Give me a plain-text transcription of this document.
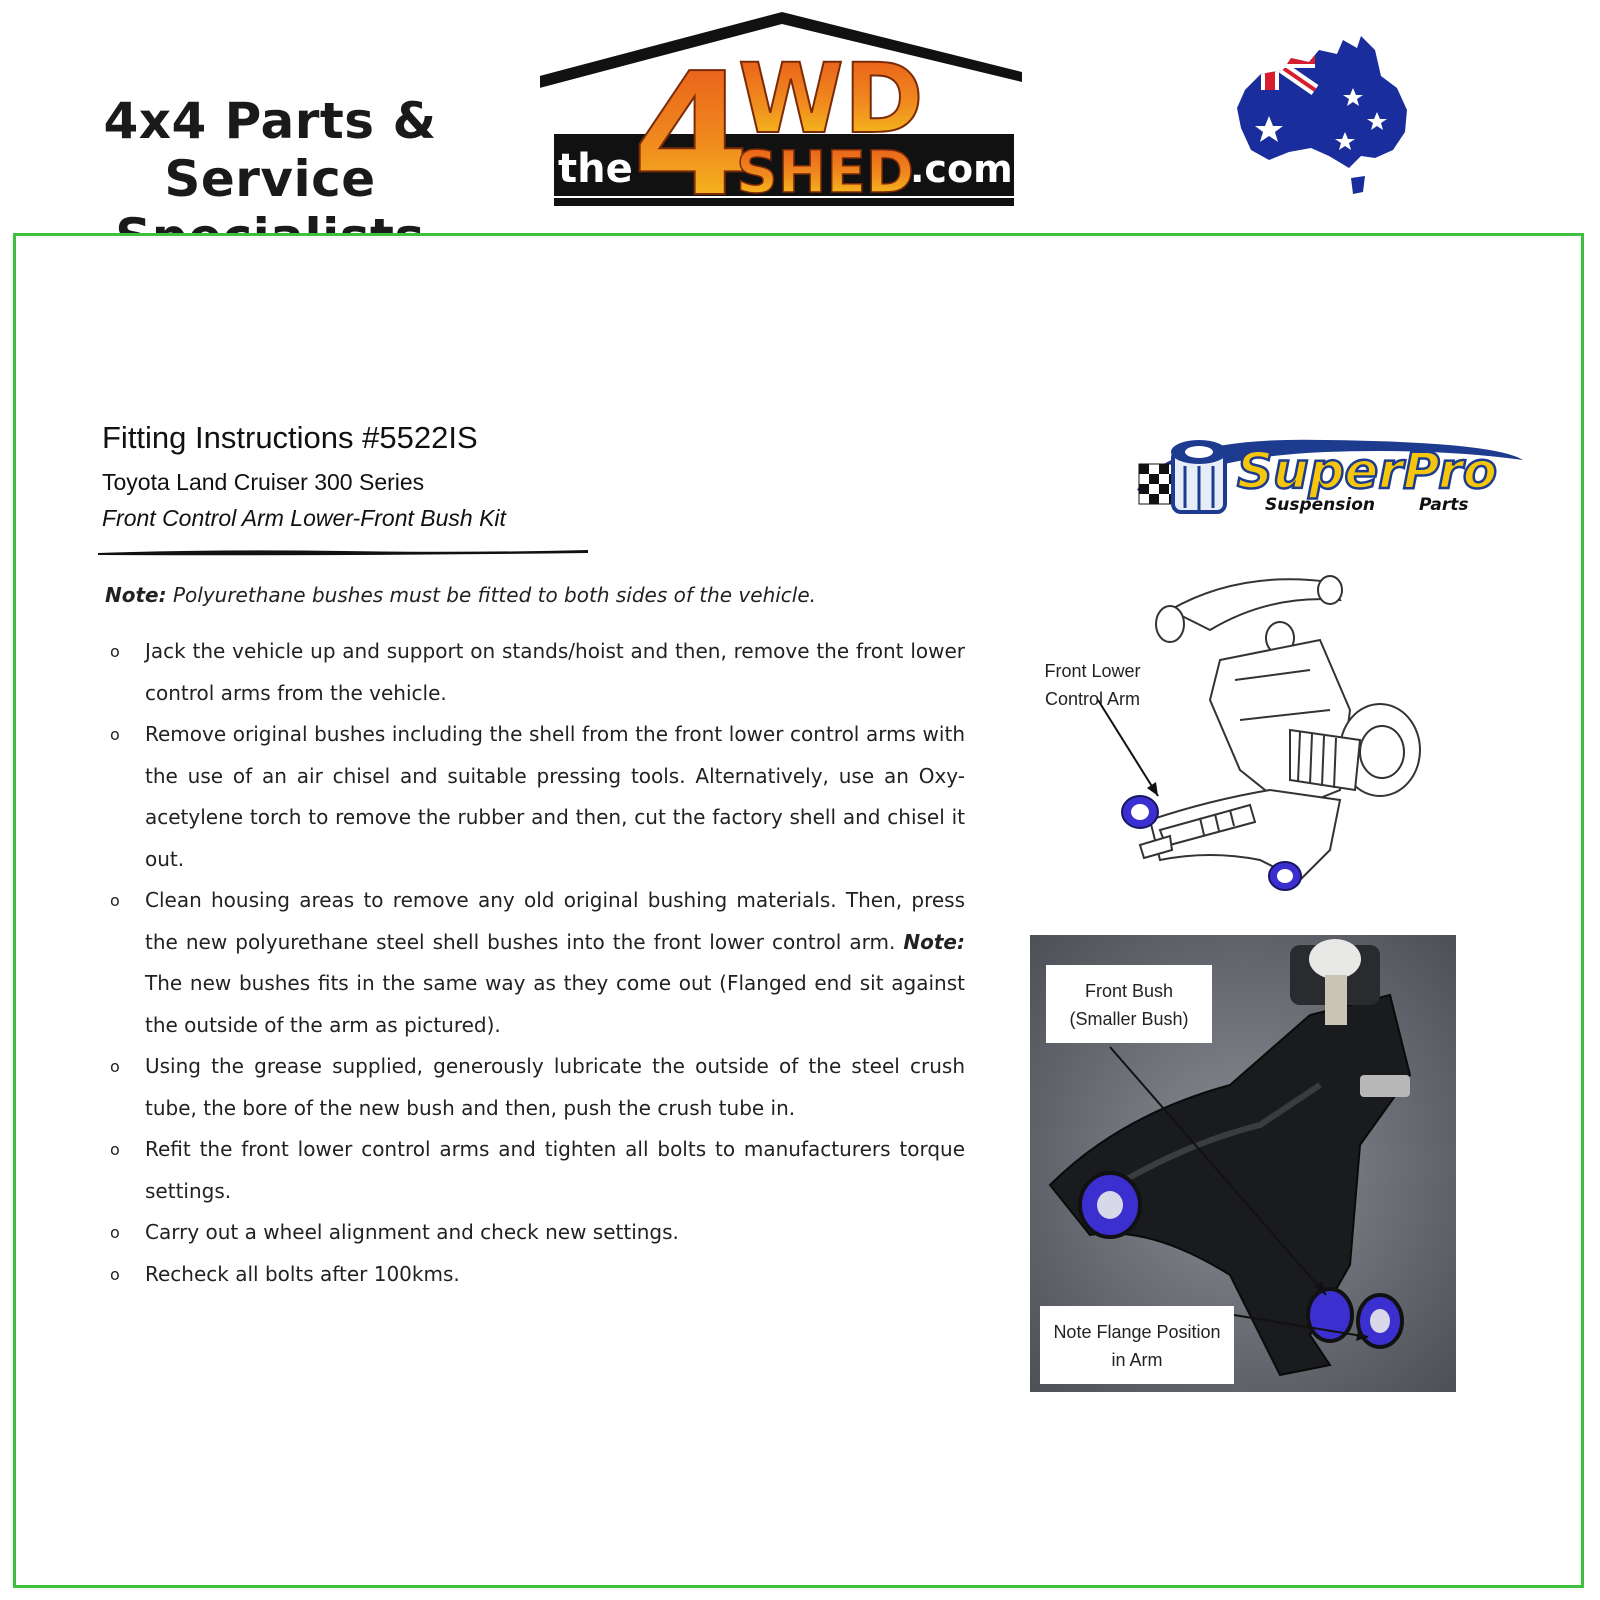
4x4 Parts & Service	4
WD
SHED
the	.com
Fitting Instructions #5522IS
Toyota Land Cruiser 300 Series
Front Control Arm Lower-Front Bush Kit
Note: Polyurethane bushes must be fitted to both sides of the vehicle.
o Jack the vehicle up and support on stands/hoist and then, remove the front lower control arms from the vehicle.
o Remove original bushes including the shell from the front lower control arms with the use of an air chisel and suitable pressing tools. Alternatively, use an Oxy-acetylene torch to remove the rubber and then, cut the factory shell and chisel it out.
o Clean housing areas to remove any old original bushing materials. Then, press the new polyurethane steel shell bushes into the front lower control arm. Note: The new bushes fits in the same way as they come out (Flanged end sit against the outside of the arm as pictured).
o Using the grease supplied, generously lubricate the outside of the steel crush tube, the bore of the new bush and then, push the crush tube in.
o Refit the front lower control arms and tighten all bolts to manufacturers torque settings.
o Carry out a wheel alignment and check new settings.
o Recheck all bolts after 100kms.
SuperPro
Suspension	Parts
Front Lower
Control Arm
Front Bush
(Smaller Bush)
Note Flange Position
in Arm
